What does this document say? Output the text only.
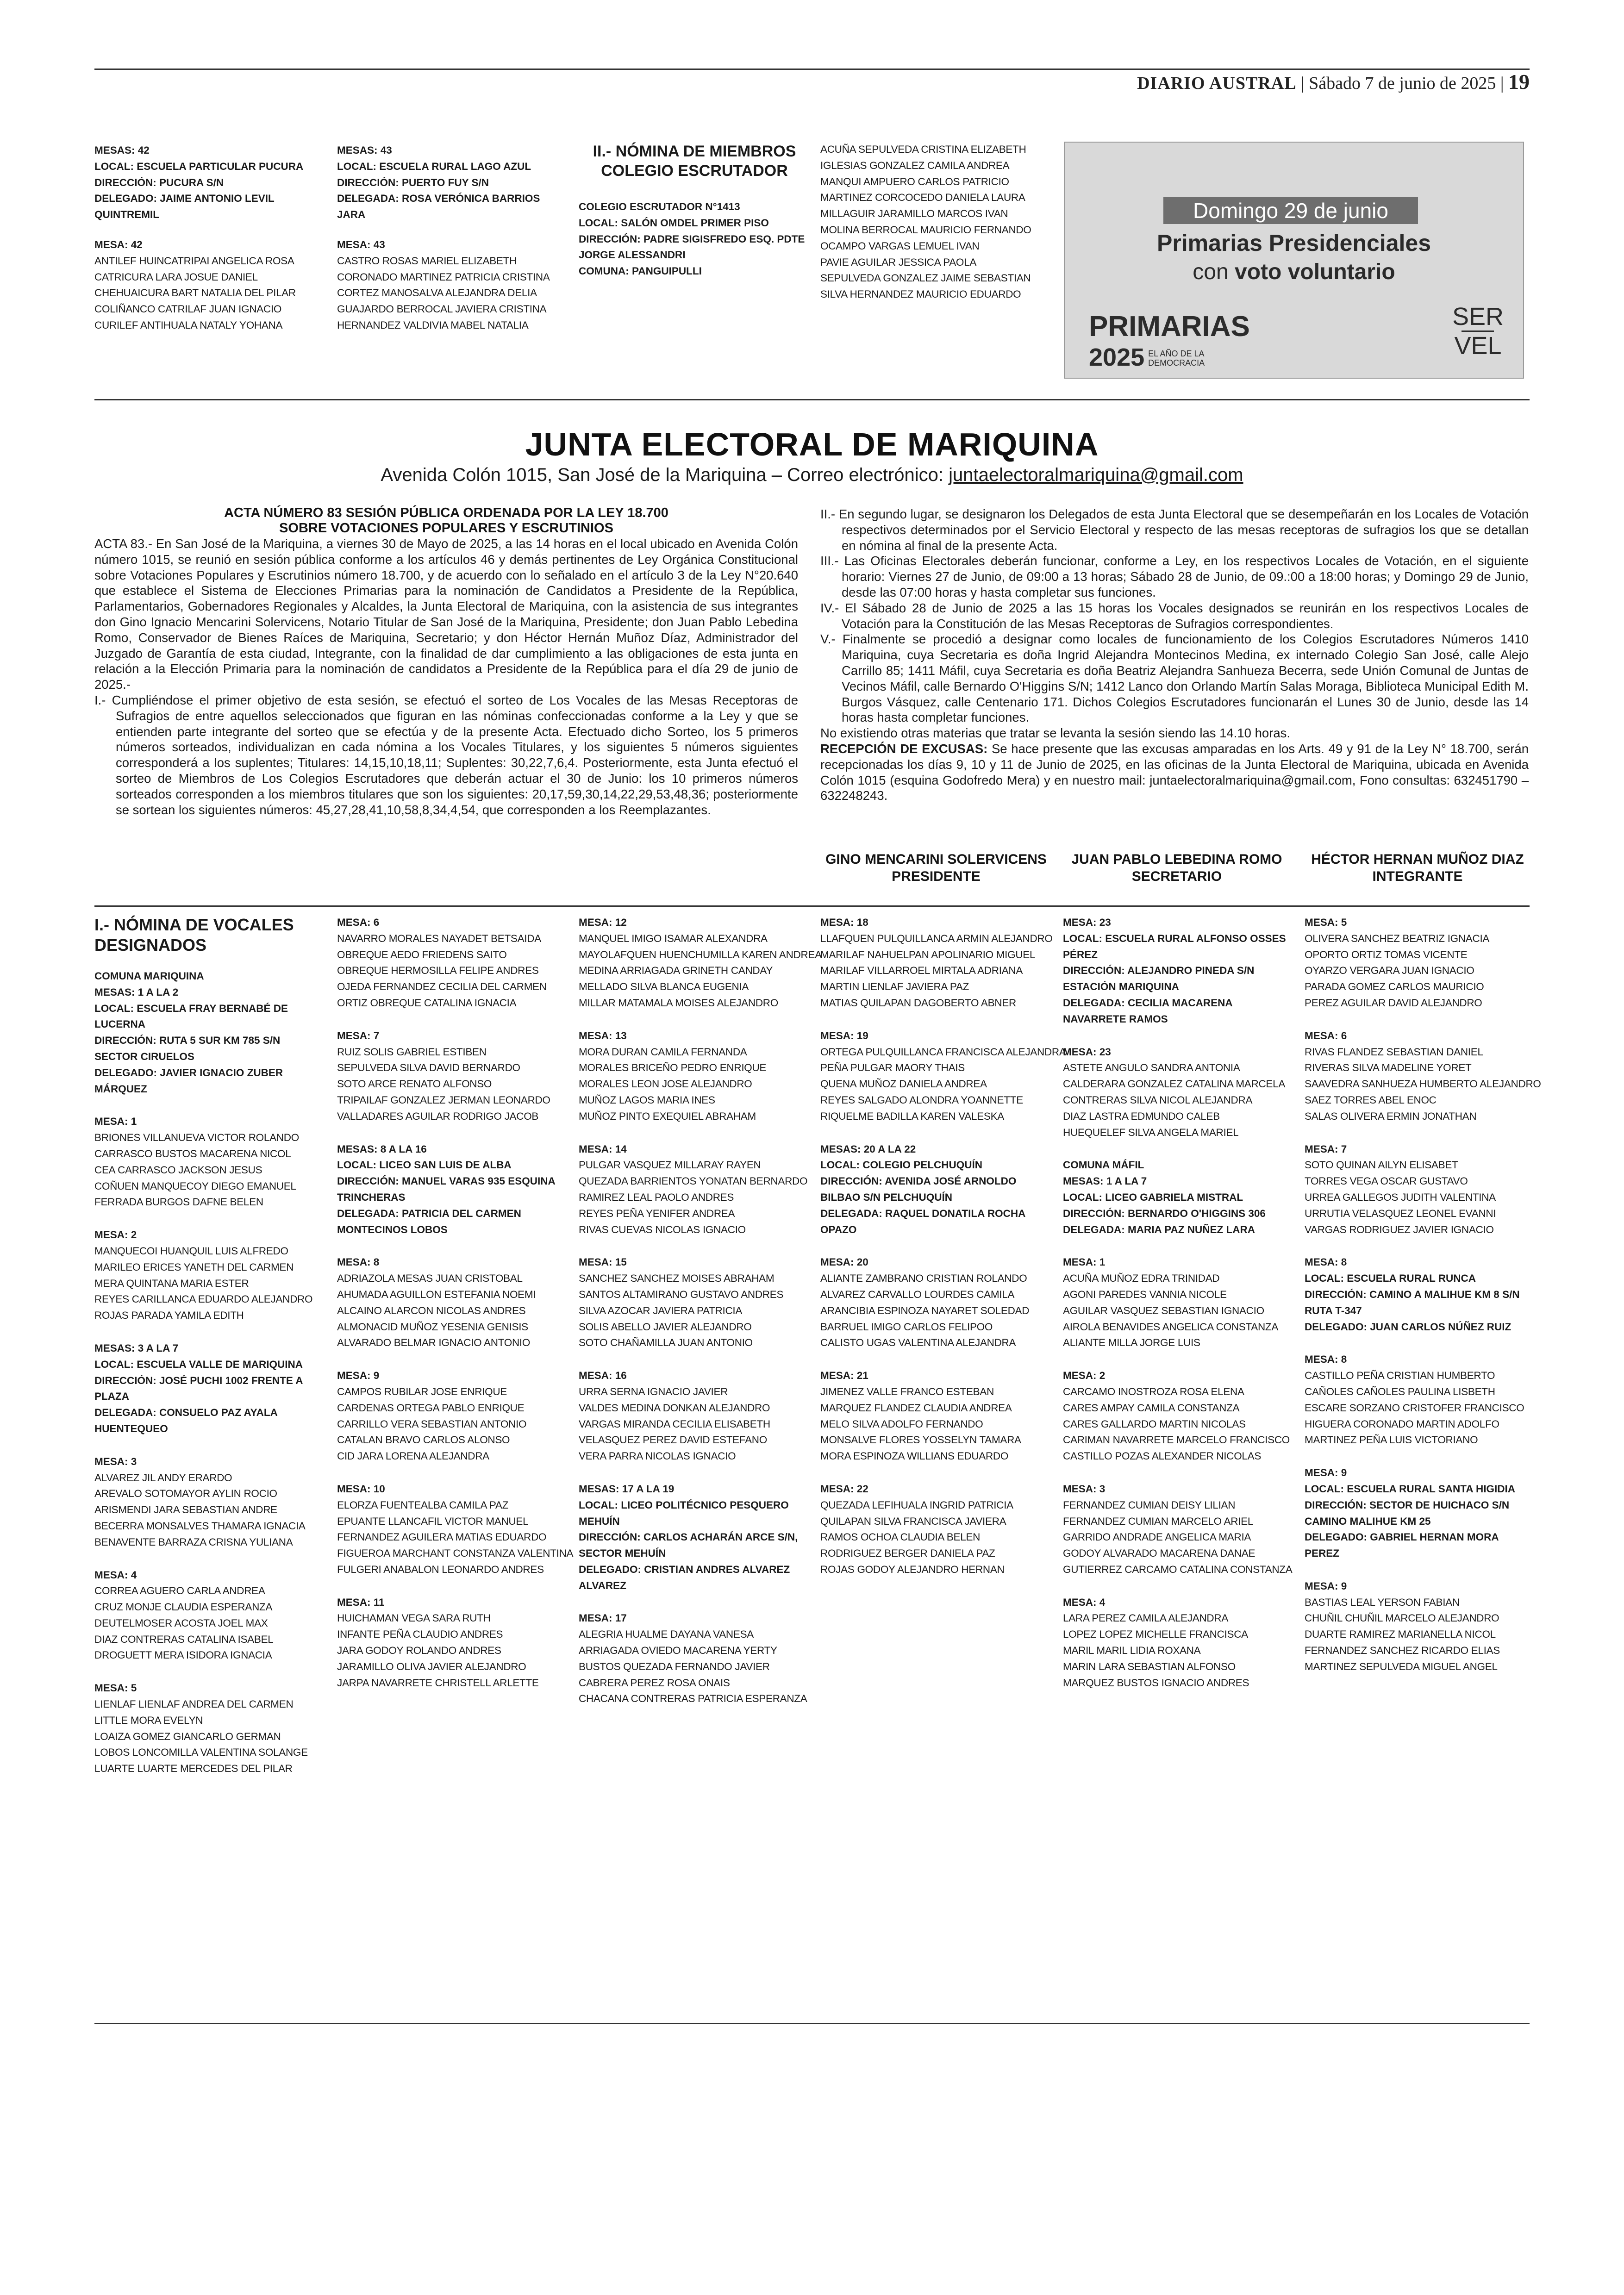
DIARIO AUSTRAL | Sábado 7 de junio de 2025 | 19
MESAS: 42
LOCAL: ESCUELA PARTICULAR PUCURA
DIRECCIÓN: PUCURA S/N
DELEGADO: JAIME ANTONIO LEVIL QUINTREMIL
MESA: 42
ANTILEF HUINCATRIPAI ANGELICA ROSA
CATRICURA LARA JOSUE DANIEL
CHEHUAICURA BART NATALIA DEL PILAR
COLIÑANCO CATRILAF JUAN IGNACIO
CURILEF ANTIHUALA NATALY YOHANA
MESAS: 43
LOCAL: ESCUELA RURAL LAGO AZUL
DIRECCIÓN: PUERTO FUY S/N
DELEGADA: ROSA VERÓNICA BARRIOS JARA
MESA: 43
CASTRO ROSAS MARIEL ELIZABETH
CORONADO MARTINEZ PATRICIA CRISTINA
CORTEZ MANOSALVA ALEJANDRA DELIA
GUAJARDO BERROCAL JAVIERA CRISTINA
HERNANDEZ VALDIVIA MABEL NATALIA
II.- NÓMINA DE MIEMBROS COLEGIO ESCRUTADOR
COLEGIO ESCRUTADOR N°1413
LOCAL: SALÓN OMDEL PRIMER PISO
DIRECCIÓN: PADRE SIGISFREDO ESQ. PDTE JORGE ALESSANDRI
COMUNA: PANGUIPULLI
ACUÑA SEPULVEDA CRISTINA ELIZABETH
IGLESIAS GONZALEZ CAMILA ANDREA
MANQUI AMPUERO CARLOS PATRICIO
MARTINEZ CORCOCEDO DANIELA LAURA
MILLAGUIR JARAMILLO MARCOS IVAN
MOLINA BERROCAL MAURICIO FERNANDO
OCAMPO VARGAS LEMUEL IVAN
PAVIE AGUILAR JESSICA PAOLA
SEPULVEDA GONZALEZ JAIME SEBASTIAN
SILVA HERNANDEZ MAURICIO EDUARDO
Domingo 29 de junio
Primarias Presidenciales
con voto voluntario
PRIMARIAS
2025 EL AÑO DE LA
DEMOCRACIA
SER
VEL
JUNTA ELECTORAL DE MARIQUINA
Avenida Colón 1015, San José de la Mariquina – Correo electrónico: juntaelectoralmariquina@gmail.com
ACTA NÚMERO 83 SESIÓN PÚBLICA ORDENADA POR LA LEY 18.700
SOBRE VOTACIONES POPULARES Y ESCRUTINIOS

ACTA 83.- En San José de la Mariquina, a viernes 30 de Mayo de 2025, a las 14 horas en el local ubicado en Avenida Colón número 1015, se reunió en sesión pública conforme a los artículos 46 y demás pertinentes de Ley Orgánica Constitucional sobre Votaciones Populares y Escrutinios número 18.700, y de acuerdo con lo señalado en el artículo 3 de la Ley N°20.640 que establece el Sistema de Elecciones Primarias para la nominación de Candidatos a Presidente de la República, Parlamentarios, Gobernadores Regionales y Alcaldes, la Junta Electoral de Mariquina, con la asistencia de sus integrantes don Gino Ignacio Mencarini Solervicens, Notario Titular de San José de la Mariquina, Presidente; don Juan Pablo Lebedina Romo, Conservador de Bienes Raíces de Mariquina, Secretario; y don Héctor Hernán Muñoz Díaz, Administrador del Juzgado de Garantía de esta ciudad, Integrante, con la finalidad de dar cumplimiento a las obligaciones de esta junta en relación a la Elección Primaria para la nominación de candidatos a Presidente de la República para el día 29 de junio de 2025.-

I.- Cumpliéndose el primer objetivo de esta sesión, se efectuó el sorteo de Los Vocales de las Mesas Receptoras de Sufragios de entre aquellos seleccionados que figuran en las nóminas confeccionadas conforme a la Ley y que se entienden parte integrante del sorteo que se efectúa y de la presente Acta. Efectuado dicho Sorteo, los 5 primeros números sorteados, individualizan en cada nómina a los Vocales Titulares, y los siguientes 5 números siguientes corresponderá a los suplentes; Titulares: 14,15,10,18,11; Suplentes: 30,22,7,6,4. Posteriormente, esta Junta efectuó el sorteo de Miembros de Los Colegios Escrutadores que deberán actuar el 30 de Junio: los 10 primeros números sorteados corresponden a los miembros titulares que son los siguientes: 20,17,59,30,14,22,29,53,48,36; posteriormente se sortean los siguientes números: 45,27,28,41,10,58,8,34,4,54, que corresponden a los Reemplazantes.

II.- En segundo lugar, se designaron los Delegados de esta Junta Electoral que se desempeñarán en los Locales de Votación respectivos determinados por el Servicio Electoral y respecto de las mesas receptoras de sufragios los que se detallan en nómina al final de la presente Acta.

III.- Las Oficinas Electorales deberán funcionar, conforme a Ley, en los respectivos Locales de Votación, en el siguiente horario: Viernes 27 de Junio, de 09:00 a 13 horas; Sábado 28 de Junio, de 09.:00 a 18:00 horas; y Domingo 29 de Junio, desde las 07:00 horas y hasta completar sus funciones.

IV.- El Sábado 28 de Junio de 2025 a las 15 horas los Vocales designados se reunirán en los respectivos Locales de Votación para la Constitución de las Mesas Receptoras de Sufragios correspondientes.

V.- Finalmente se procedió a designar como locales de funcionamiento de los Colegios Escrutadores Números 1410 Mariquina, cuya Secretaria es doña Ingrid Alejandra Montecinos Medina, ex internado Colegio San José, calle Alejo Carrillo 85; 1411 Máfil, cuya Secretaria es doña Beatriz Alejandra Sanhueza Becerra, sede Unión Comunal de Juntas de Vecinos Máfil, calle Bernardo O'Higgins S/N; 1412 Lanco don Orlando Martín Salas Moraga, Biblioteca Municipal Edith M. Burgos Vásquez, calle Centenario 171. Dichos Colegios Escrutadores funcionarán el Lunes 30 de Junio, desde las 14 horas hasta completar funciones.

No existiendo otras materias que tratar se levanta la sesión siendo las 14.10 horas.

RECEPCIÓN DE EXCUSAS: Se hace presente que las excusas amparadas en los Arts. 49 y 91 de la Ley N° 18.700, serán recepcionadas los días 9, 10 y 11 de Junio de 2025, en las oficinas de la Junta Electoral de Mariquina, ubicada en Avenida Colón 1015 (esquina Godofredo Mera) y en nuestro mail: juntaelectoralmariquina@gmail.com, Fono consultas: 632451790 – 632248243.

GINO MENCARINI SOLERVICENS
PRESIDENTE
JUAN PABLO LEBEDINA ROMO
SECRETARIO
HÉCTOR HERNAN MUÑOZ DIAZ
INTEGRANTE
I.- NÓMINA DE VOCALES DESIGNADOS
COMUNA MARIQUINA
MESAS: 1 A LA 2
LOCAL: ESCUELA FRAY BERNABÉ DE LUCERNA
DIRECCIÓN: RUTA 5 SUR KM 785 S/N SECTOR CIRUELOS
DELEGADO: JAVIER IGNACIO ZUBER MÁRQUEZ
MESA: 1
BRIONES VILLANUEVA VICTOR ROLANDO
CARRASCO BUSTOS MACARENA NICOL
CEA CARRASCO JACKSON JESUS
COÑUEN MANQUECOY DIEGO EMANUEL
FERRADA BURGOS DAFNE BELEN
MESA: 2
MANQUECOI HUANQUIL LUIS ALFREDO
MARILEO ERICES YANETH DEL CARMEN
MERA QUINTANA MARIA ESTER
REYES CARILLANCA EDUARDO ALEJANDRO
ROJAS PARADA YAMILA EDITH
MESAS: 3 A LA 7
LOCAL: ESCUELA VALLE DE MARIQUINA
DIRECCIÓN: JOSÉ PUCHI 1002 FRENTE A PLAZA
DELEGADA: CONSUELO PAZ AYALA HUENTEQUEO
MESA: 3
ALVAREZ JIL ANDY ERARDO
AREVALO SOTOMAYOR AYLIN ROCIO
ARISMENDI JARA SEBASTIAN ANDRE
BECERRA MONSALVES THAMARA IGNACIA
BENAVENTE BARRAZA CRISNA YULIANA
MESA: 4
CORREA AGUERO CARLA ANDREA
CRUZ MONJE CLAUDIA ESPERANZA
DEUTELMOSER ACOSTA JOEL MAX
DIAZ CONTRERAS CATALINA ISABEL
DROGUETT MERA ISIDORA IGNACIA
MESA: 5
LIENLAF LIENLAF ANDREA DEL CARMEN
LITTLE MORA EVELYN
LOAIZA GOMEZ GIANCARLO GERMAN
LOBOS LONCOMILLA VALENTINA SOLANGE
LUARTE LUARTE MERCEDES DEL PILAR
MESA: 6
NAVARRO MORALES NAYADET BETSAIDA
OBREQUE AEDO FRIEDENS SAITO
OBREQUE HERMOSILLA FELIPE ANDRES
OJEDA FERNANDEZ CECILIA DEL CARMEN
ORTIZ OBREQUE CATALINA IGNACIA
MESA: 7
RUIZ SOLIS GABRIEL ESTIBEN
SEPULVEDA SILVA DAVID BERNARDO
SOTO ARCE RENATO ALFONSO
TRIPAILAF GONZALEZ JERMAN LEONARDO
VALLADARES AGUILAR RODRIGO JACOB
MESAS: 8 A LA 16
LOCAL: LICEO SAN LUIS DE ALBA
DIRECCIÓN: MANUEL VARAS 935 ESQUINA TRINCHERAS
DELEGADA: PATRICIA DEL CARMEN MONTECINOS LOBOS
MESA: 8
ADRIAZOLA MESAS JUAN CRISTOBAL
AHUMADA AGUILLON ESTEFANIA NOEMI
ALCAINO ALARCON NICOLAS ANDRES
ALMONACID MUÑOZ YESENIA GENISIS
ALVARADO BELMAR IGNACIO ANTONIO
MESA: 9
CAMPOS RUBILAR JOSE ENRIQUE
CARDENAS ORTEGA PABLO ENRIQUE
CARRILLO VERA SEBASTIAN ANTONIO
CATALAN BRAVO CARLOS ALONSO
CID JARA LORENA ALEJANDRA
MESA: 10
ELORZA FUENTEALBA CAMILA PAZ
EPUANTE LLANCAFIL VICTOR MANUEL
FERNANDEZ AGUILERA MATIAS EDUARDO
FIGUEROA MARCHANT CONSTANZA VALENTINA
FULGERI ANABALON LEONARDO ANDRES
MESA: 11
HUICHAMAN VEGA SARA RUTH
INFANTE PEÑA CLAUDIO ANDRES
JARA GODOY ROLANDO ANDRES
JARAMILLO OLIVA JAVIER ALEJANDRO
JARPA NAVARRETE CHRISTELL ARLETTE
MESA: 12
MANQUEL IMIGO ISAMAR ALEXANDRA
MAYOLAFQUEN HUENCHUMILLA KAREN ANDREA
MEDINA ARRIAGADA GRINETH CANDAY
MELLADO SILVA BLANCA EUGENIA
MILLAR MATAMALA MOISES ALEJANDRO
MESA: 13
MORA DURAN CAMILA FERNANDA
MORALES BRICEÑO PEDRO ENRIQUE
MORALES LEON JOSE ALEJANDRO
MUÑOZ LAGOS MARIA INES
MUÑOZ PINTO EXEQUIEL ABRAHAM
MESA: 14
PULGAR VASQUEZ MILLARAY RAYEN
QUEZADA BARRIENTOS YONATAN BERNARDO
RAMIREZ LEAL PAOLO ANDRES
REYES PEÑA YENIFER ANDREA
RIVAS CUEVAS NICOLAS IGNACIO
MESA: 15
SANCHEZ SANCHEZ MOISES ABRAHAM
SANTOS ALTAMIRANO GUSTAVO ANDRES
SILVA AZOCAR JAVIERA PATRICIA
SOLIS ABELLO JAVIER ALEJANDRO
SOTO CHAÑAMILLA JUAN ANTONIO
MESA: 16
URRA SERNA IGNACIO JAVIER
VALDES MEDINA DONKAN ALEJANDRO
VARGAS MIRANDA CECILIA ELISABETH
VELASQUEZ PEREZ DAVID ESTEFANO
VERA PARRA NICOLAS IGNACIO
MESAS: 17 A LA 19
LOCAL: LICEO POLITÉCNICO PESQUERO MEHUÍN
DIRECCIÓN: CARLOS ACHARÁN ARCE S/N, SECTOR MEHUÍN
DELEGADO: CRISTIAN ANDRES ALVAREZ ALVAREZ
MESA: 17
ALEGRIA HUALME DAYANA VANESA
ARRIAGADA OVIEDO MACARENA YERTY
BUSTOS QUEZADA FERNANDO JAVIER
CABRERA PEREZ ROSA ONAIS
CHACANA CONTRERAS PATRICIA ESPERANZA
MESA: 18
LLAFQUEN PULQUILLANCA ARMIN ALEJANDRO
MARILAF NAHUELPAN APOLINARIO MIGUEL
MARILAF VILLARROEL MIRTALA ADRIANA
MARTIN LIENLAF JAVIERA PAZ
MATIAS QUILAPAN DAGOBERTO ABNER
MESA: 19
ORTEGA PULQUILLANCA FRANCISCA ALEJANDRA
PEÑA PULGAR MAORY THAIS
QUENA MUÑOZ DANIELA ANDREA
REYES SALGADO ALONDRA YOANNETTE
RIQUELME BADILLA KAREN VALESKA
MESAS: 20 A LA 22
LOCAL: COLEGIO PELCHUQUÍN
DIRECCIÓN: AVENIDA JOSÉ ARNOLDO BILBAO S/N PELCHUQUÍN
DELEGADA: RAQUEL DONATILA ROCHA OPAZO
MESA: 20
ALIANTE ZAMBRANO CRISTIAN ROLANDO
ALVAREZ CARVALLO LOURDES CAMILA
ARANCIBIA ESPINOZA NAYARET SOLEDAD
BARRUEL IMIGO CARLOS FELIPOO
CALISTO UGAS VALENTINA ALEJANDRA
MESA: 21
JIMENEZ VALLE FRANCO ESTEBAN
MARQUEZ FLANDEZ CLAUDIA ANDREA
MELO SILVA ADOLFO FERNANDO
MONSALVE FLORES YOSSELYN TAMARA
MORA ESPINOZA WILLIANS EDUARDO
MESA: 22
QUEZADA LEFIHUALA INGRID PATRICIA
QUILAPAN SILVA FRANCISCA JAVIERA
RAMOS OCHOA CLAUDIA BELEN
RODRIGUEZ BERGER DANIELA PAZ
ROJAS GODOY ALEJANDRO HERNAN
MESA: 23
LOCAL: ESCUELA RURAL ALFONSO OSSES PÉREZ
DIRECCIÓN: ALEJANDRO PINEDA S/N ESTACIÓN MARIQUINA
DELEGADA: CECILIA MACARENA NAVARRETE RAMOS
MESA: 23
ASTETE ANGULO SANDRA ANTONIA
CALDERARA GONZALEZ CATALINA MARCELA
CONTRERAS SILVA NICOL ALEJANDRA
DIAZ LASTRA EDMUNDO CALEB
HUEQUELEF SILVA ANGELA MARIEL
COMUNA MÁFIL
MESAS: 1 A LA 7
LOCAL: LICEO GABRIELA MISTRAL
DIRECCIÓN: BERNARDO O'HIGGINS 306
DELEGADA: MARIA PAZ NUÑEZ LARA
MESA: 1
ACUÑA MUÑOZ EDRA TRINIDAD
AGONI PAREDES VANNIA NICOLE
AGUILAR VASQUEZ SEBASTIAN IGNACIO
AIROLA BENAVIDES ANGELICA CONSTANZA
ALIANTE MILLA JORGE LUIS
MESA: 2
CARCAMO INOSTROZA ROSA ELENA
CARES AMPAY CAMILA CONSTANZA
CARES GALLARDO MARTIN NICOLAS
CARIMAN NAVARRETE MARCELO FRANCISCO
CASTILLO POZAS ALEXANDER NICOLAS
MESA: 3
FERNANDEZ CUMIAN DEISY LILIAN
FERNANDEZ CUMIAN MARCELO ARIEL
GARRIDO ANDRADE ANGELICA MARIA
GODOY ALVARADO MACARENA DANAE
GUTIERREZ CARCAMO CATALINA CONSTANZA
MESA: 4
LARA PEREZ CAMILA ALEJANDRA
LOPEZ LOPEZ MICHELLE FRANCISCA
MARIL MARIL LIDIA ROXANA
MARIN LARA SEBASTIAN ALFONSO
MARQUEZ BUSTOS IGNACIO ANDRES
MESA: 5
OLIVERA SANCHEZ BEATRIZ IGNACIA
OPORTO ORTIZ TOMAS VICENTE
OYARZO VERGARA JUAN IGNACIO
PARADA GOMEZ CARLOS MAURICIO
PEREZ AGUILAR DAVID ALEJANDRO
MESA: 6
RIVAS FLANDEZ SEBASTIAN DANIEL
RIVERAS SILVA MADELINE YORET
SAAVEDRA SANHUEZA HUMBERTO ALEJANDRO
SAEZ TORRES ABEL ENOC
SALAS OLIVERA ERMIN JONATHAN
MESA: 7
SOTO QUINAN AILYN ELISABET
TORRES VEGA OSCAR GUSTAVO
URREA GALLEGOS JUDITH VALENTINA
URRUTIA VELASQUEZ LEONEL EVANNI
VARGAS RODRIGUEZ JAVIER IGNACIO
MESA: 8
LOCAL: ESCUELA RURAL RUNCA
DIRECCIÓN: CAMINO A MALIHUE KM 8 S/N RUTA T-347
DELEGADO: JUAN CARLOS NÚÑEZ RUIZ
MESA: 8
CASTILLO PEÑA CRISTIAN HUMBERTO
CAÑOLES CAÑOLES PAULINA LISBETH
ESCARE SORZANO CRISTOFER FRANCISCO
HIGUERA CORONADO MARTIN ADOLFO
MARTINEZ PEÑA LUIS VICTORIANO
MESA: 9
LOCAL: ESCUELA RURAL SANTA HIGIDIA
DIRECCIÓN: SECTOR DE HUICHACO S/N CAMINO MALIHUE KM 25
DELEGADO: GABRIEL HERNAN MORA PEREZ
MESA: 9
BASTIAS LEAL YERSON FABIAN
CHUÑIL CHUÑIL MARCELO ALEJANDRO
DUARTE RAMIREZ MARIANELLA NICOL
FERNANDEZ SANCHEZ RICARDO ELIAS
MARTINEZ SEPULVEDA MIGUEL ANGEL
